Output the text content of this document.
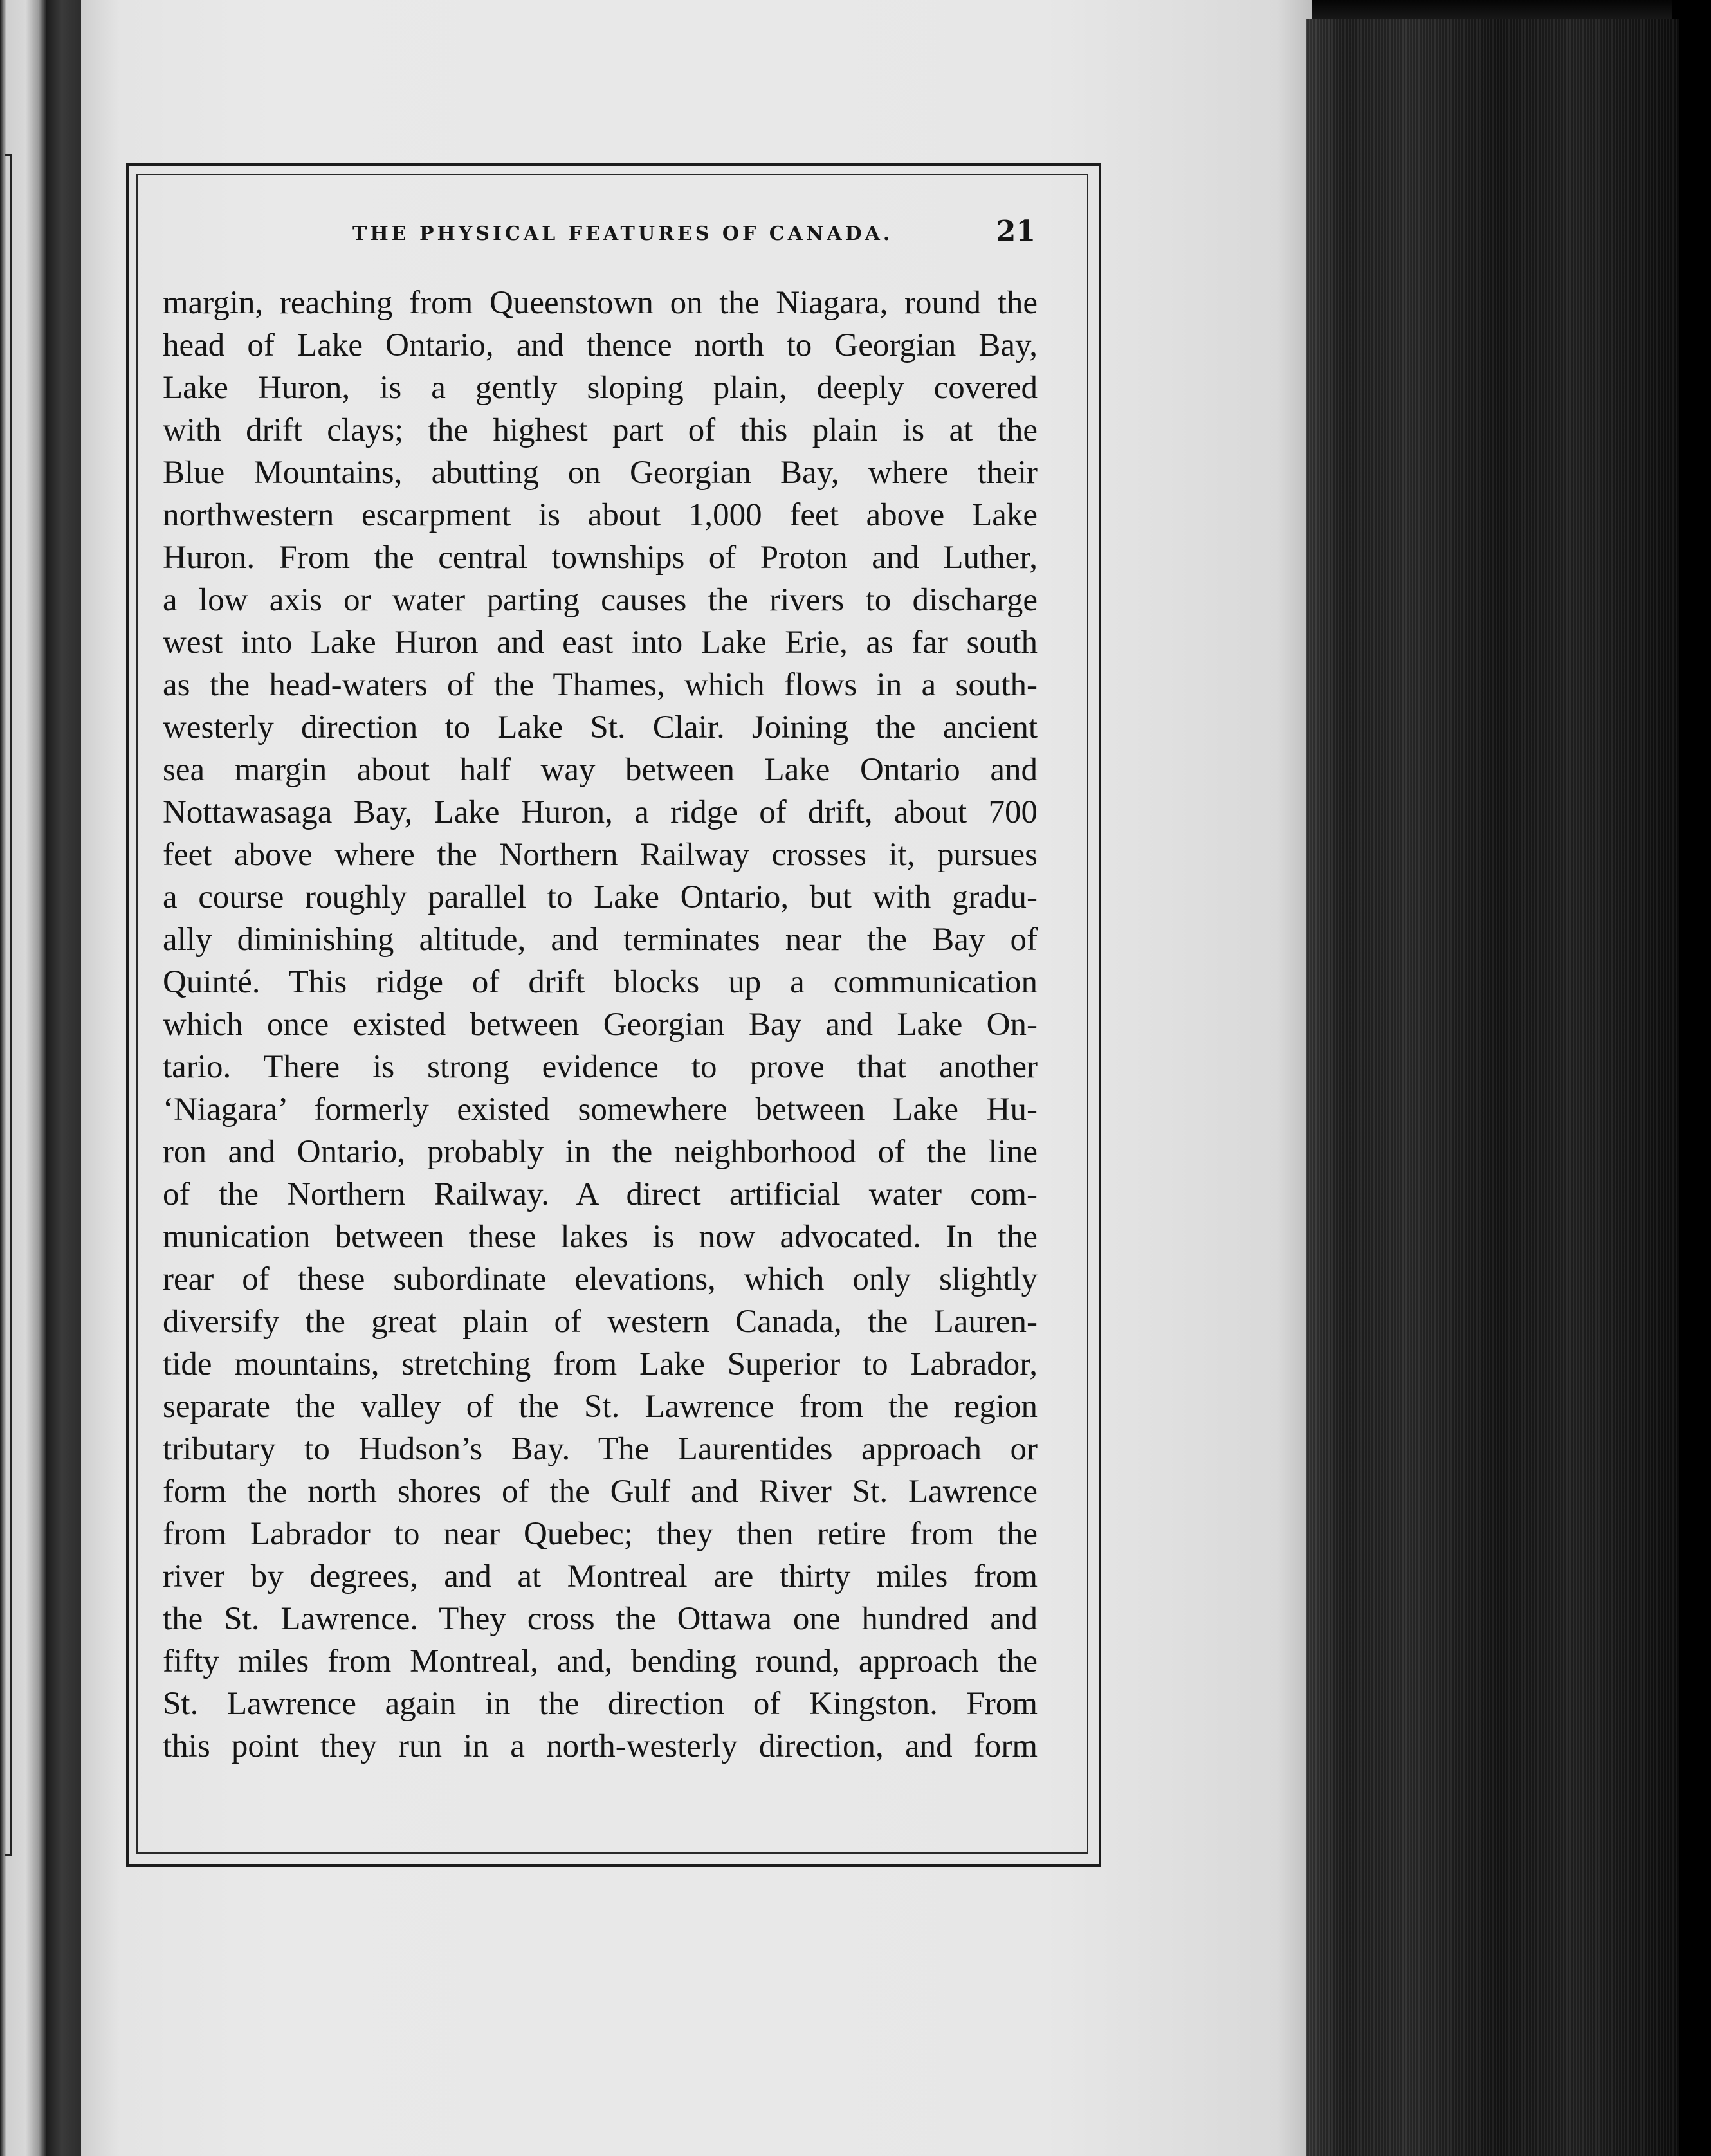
THE PHYSICAL FEATURES OF CANADA.	21
margin, reaching from Queenstown on the Niagara, round the
head of Lake Ontario, and thence north to Georgian Bay,
Lake Huron, is a gently sloping plain, deeply covered
with drift clays; the highest part of this plain is at the
Blue Mountains, abutting on Georgian Bay, where their
northwestern escarpment is about 1,000 feet above Lake
Huron. From the central townships of Proton and Luther,
a low axis or water parting causes the rivers to discharge
west into Lake Huron and east into Lake Erie, as far south
as the head-waters of the Thames, which flows in a south-
westerly direction to Lake St. Clair. Joining the ancient
sea margin about half way between Lake Ontario and
Nottawasaga Bay, Lake Huron, a ridge of drift, about 700
feet above where the Northern Railway crosses it, pursues
a course roughly parallel to Lake Ontario, but with gradu-
ally diminishing altitude, and terminates near the Bay of
Quinté. This ridge of drift blocks up a communication
which once existed between Georgian Bay and Lake On-
tario. There is strong evidence to prove that another
‘Niagara’ formerly existed somewhere between Lake Hu-
ron and Ontario, probably in the neighborhood of the line
of the Northern Railway. A direct artificial water com-
munication between these lakes is now advocated. In the
rear of these subordinate elevations, which only slightly
diversify the great plain of western Canada, the Lauren-
tide mountains, stretching from Lake Superior to Labrador,
separate the valley of the St. Lawrence from the region
tributary to Hudson’s Bay. The Laurentides approach or
form the north shores of the Gulf and River St. Lawrence
from Labrador to near Quebec; they then retire from the
river by degrees, and at Montreal are thirty miles from
the St. Lawrence. They cross the Ottawa one hundred and
fifty miles from Montreal, and, bending round, approach the
St. Lawrence again in the direction of Kingston. From
this point they run in a north-westerly direction, and form
